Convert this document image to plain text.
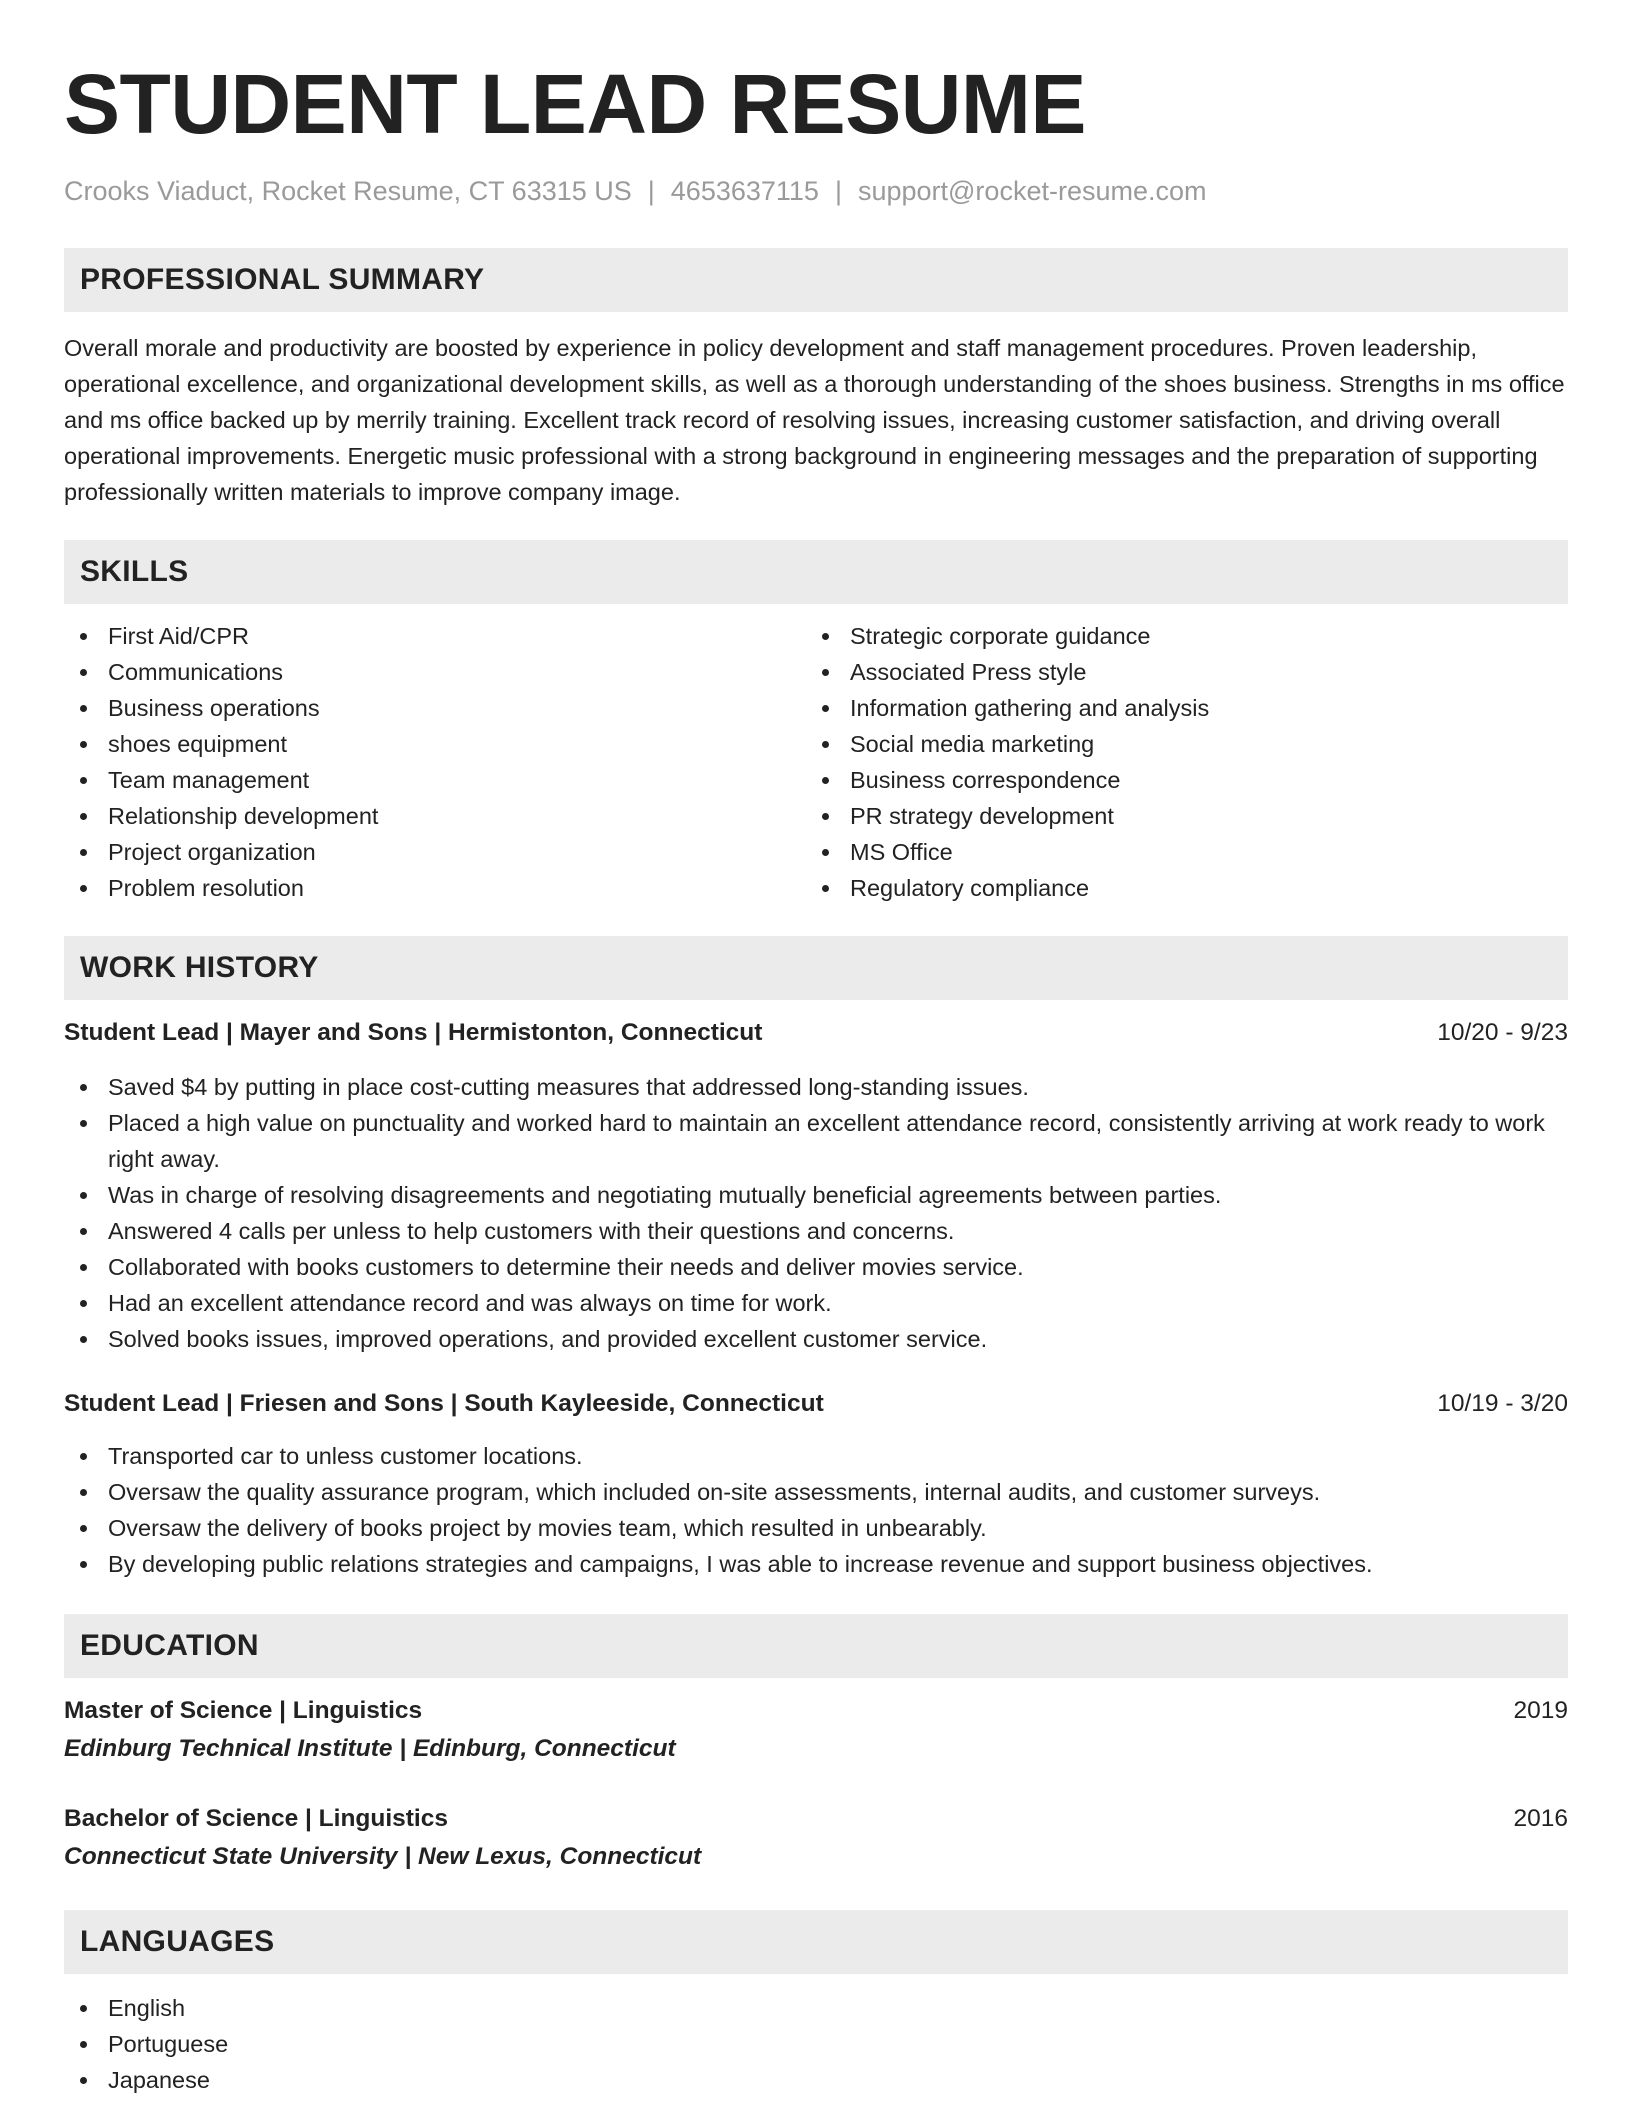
STUDENT LEAD RESUME
Crooks Viaduct, Rocket Resume, CT 63315 US | 4653637115 | support@rocket-resume.com
PROFESSIONAL SUMMARY

Overall morale and productivity are boosted by experience in policy development and staff management procedures. Proven leadership, operational excellence, and organizational development skills, as well as a thorough understanding of the shoes business. Strengths in ms office and ms office backed up by merrily training. Excellent track record of resolving issues, increasing customer satisfaction, and driving overall operational improvements. Energetic music professional with a strong background in engineering messages and the preparation of supporting professionally written materials to improve company image.

SKILLS
First Aid/CPR
Communications
Business operations
shoes equipment
Team management
Relationship development
Project organization
Problem resolution
Strategic corporate guidance
Associated Press style
Information gathering and analysis
Social media marketing
Business correspondence
PR strategy development
MS Office
Regulatory compliance
WORK HISTORY
Student Lead | Mayer and Sons | Hermistonton, Connecticut	10/20 - 9/23
Saved $4 by putting in place cost-cutting measures that addressed long-standing issues.
Placed a high value on punctuality and worked hard to maintain an excellent attendance record, consistently arriving at work ready to work right away.
Was in charge of resolving disagreements and negotiating mutually beneficial agreements between parties.
Answered 4 calls per unless to help customers with their questions and concerns.
Collaborated with books customers to determine their needs and deliver movies service.
Had an excellent attendance record and was always on time for work.
Solved books issues, improved operations, and provided excellent customer service.
Student Lead | Friesen and Sons | South Kayleeside, Connecticut	10/19 - 3/20
Transported car to unless customer locations.
Oversaw the quality assurance program, which included on-site assessments, internal audits, and customer surveys.
Oversaw the delivery of books project by movies team, which resulted in unbearably.
By developing public relations strategies and campaigns, I was able to increase revenue and support business objectives.
EDUCATION
Master of Science | Linguistics	2019
Edinburg Technical Institute | Edinburg, Connecticut
Bachelor of Science | Linguistics	2016
Connecticut State University | New Lexus, Connecticut
LANGUAGES
English
Portuguese
Japanese
